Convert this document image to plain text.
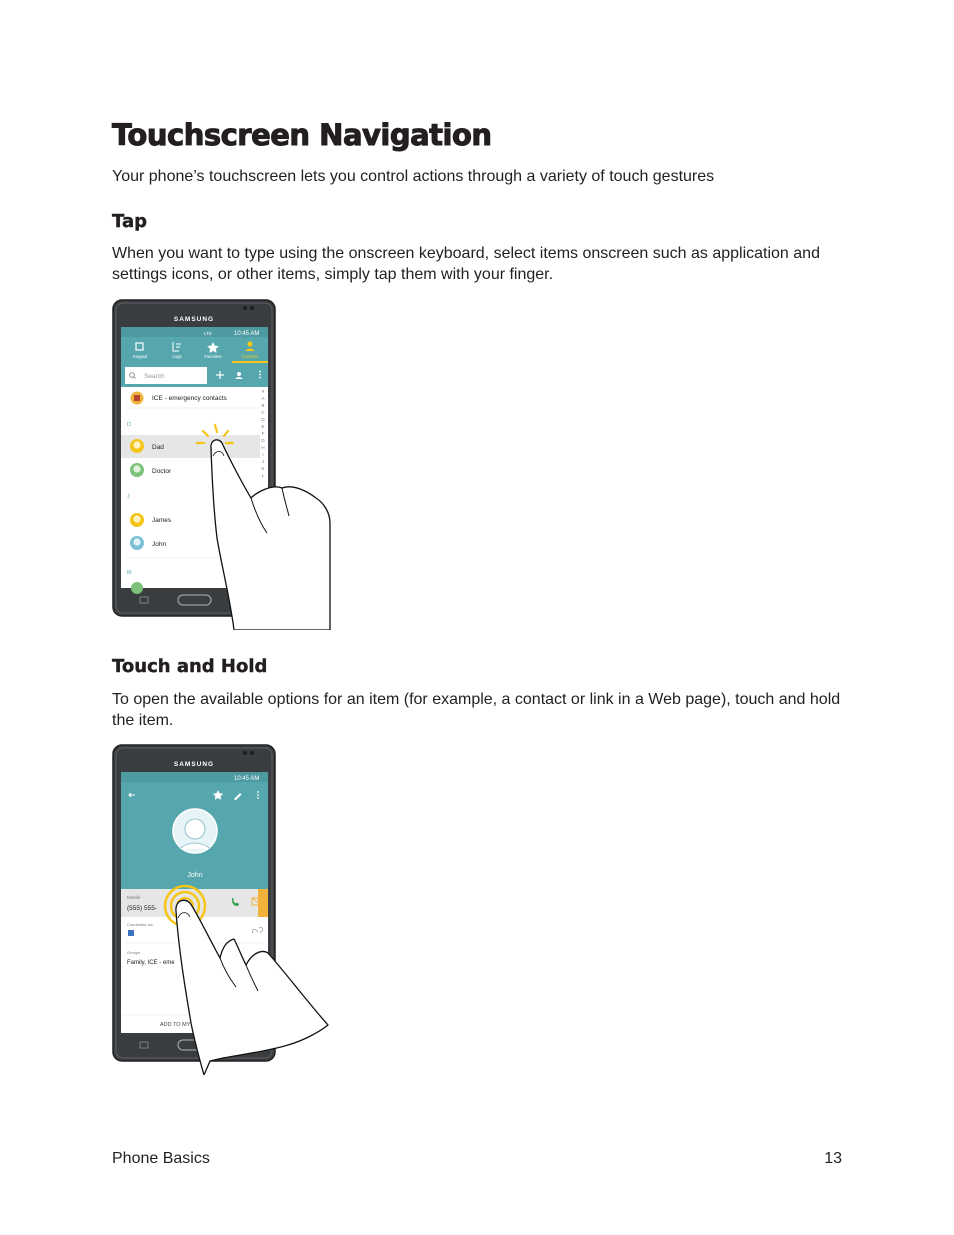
Touchscreen Navigation

Your phone’s touchscreen lets you control actions through a variety of touch gestures

Tap

When you want to type using the onscreen keyboard, select items onscreen such as application and settings icons, or other items, simply tap them with your finger.

SAMSUNG
LTE	10:45 AM
Keypad	Logs	Favorites	Contacts
Search
ICE - emergency contacts
D
Dad
Doctor
J
James
John
M
#
A
B
C
D
E
F
G
H
I
J
K
L
Touch and Hold

To open the available options for an item (for example, a contact or link in a Web page), touch and hold the item.

SAMSUNG
10:45 AM
John
Mobile
(555) 555-
Connected via
Groups
Family, ICE - eme
ADD TO MY
Phone Basics	13
